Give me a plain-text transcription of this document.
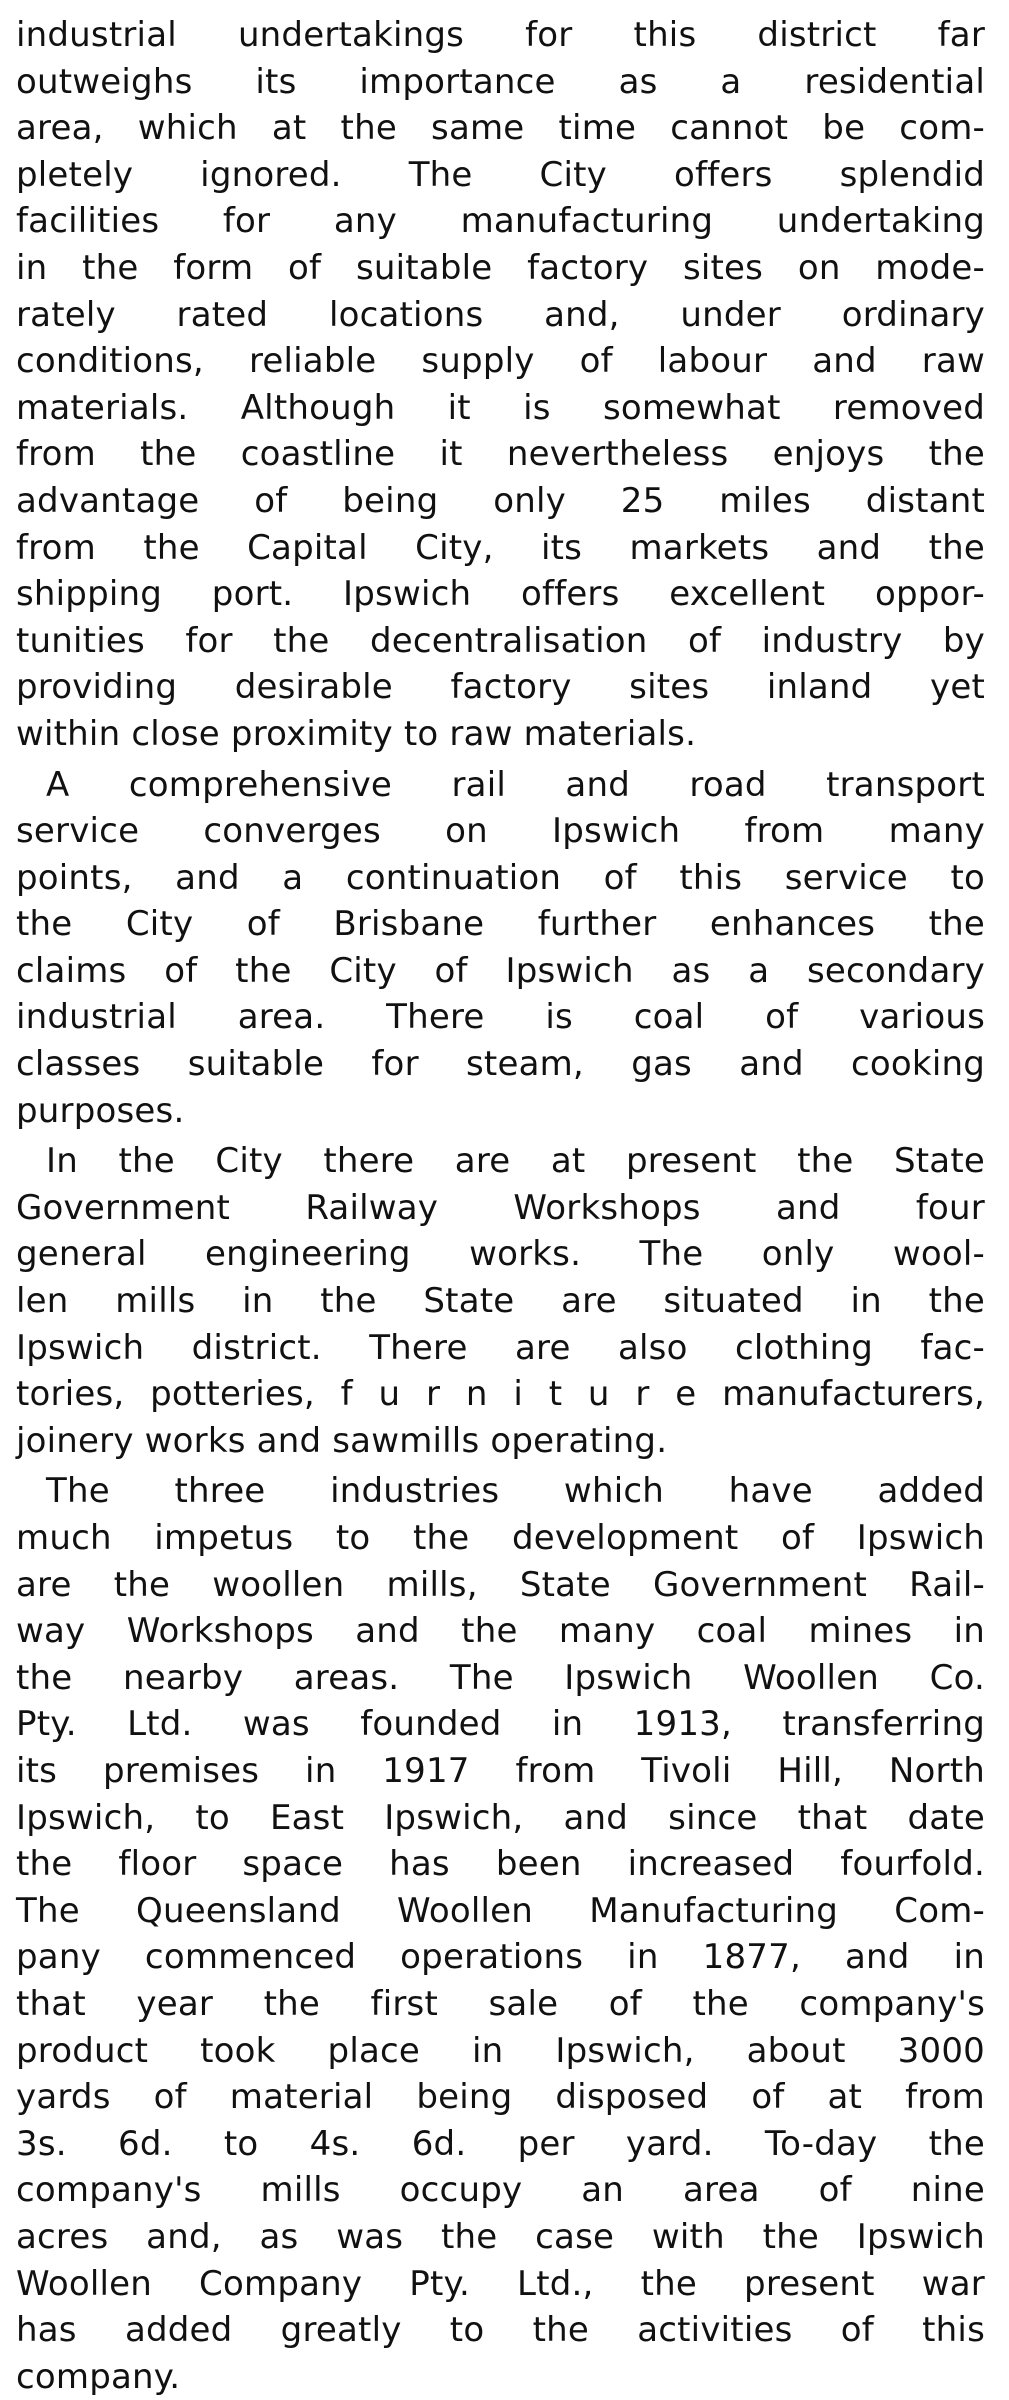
industrial undertakings for this district far
outweighs its importance as a residential
area, which at the same time cannot be com-
pletely ignored. The City offers splendid
facilities for any manufacturing undertaking
in the form of suitable factory sites on mode-
rately rated locations and, under ordinary
conditions, reliable supply of labour and raw
materials. Although it is somewhat removed
from the coastline it nevertheless enjoys the
advantage of being only 25 miles distant
from the Capital City, its markets and the
shipping port. Ipswich offers excellent oppor-
tunities for the decentralisation of industry by
providing desirable factory sites inland yet
within close proximity to raw materials.
A comprehensive rail and road transport
service converges on Ipswich from many
points, and a continuation of this service to
the City of Brisbane further enhances the
claims of the City of Ipswich as a secondary
industrial area. There is coal of various
classes suitable for steam, gas and cooking
purposes.
In the City there are at present the State
Government Railway Workshops and four
general engineering works. The only wool-
len mills in the State are situated in the
Ipswich district. There are also clothing fac-
tories, potteries, f u r n i t u r e manufacturers,
joinery works and sawmills operating.
The three industries which have added
much impetus to the development of Ipswich
are the woollen mills, State Government Rail-
way Workshops and the many coal mines in
the nearby areas. The Ipswich Woollen Co.
Pty. Ltd. was founded in 1913, transferring
its premises in 1917 from Tivoli Hill, North
Ipswich, to East Ipswich, and since that date
the floor space has been increased fourfold.
The Queensland Woollen Manufacturing Com-
pany commenced operations in 1877, and in
that year the first sale of the company's
product took place in Ipswich, about 3000
yards of material being disposed of at from
3s. 6d. to 4s. 6d. per yard. To-day the
company's mills occupy an area of nine
acres and, as was the case with the Ipswich
Woollen Company Pty. Ltd., the present war
has added greatly to the activities of this
company.
